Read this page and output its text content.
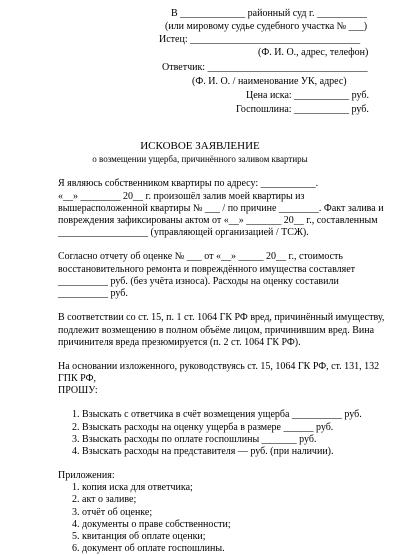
В _____________ районный суд г. __________
(или мировому судье судебного участка № ___)
Истец: __________________________________
(Ф. И. О., адрес, телефон)
Ответчик: ________________________________
(Ф. И. О. / наименование УК, адрес)
Цена иска: ___________ руб.
Госпошлина: ___________ руб.
ИСКОВОЕ ЗАЯВЛЕНИЕ
о возмещении ущерба, причинённого заливом квартиры
Я являюсь собственником квартиры по адресу: ___________.
«__» ________ 20__ г. произошёл залив моей квартиры из
вышерасположенной квартиры № ___ / по причине ________. Факт залива и
повреждения зафиксированы актом от «__» _______ 20__ г., составленным
__________________ (управляющей организацией / ТСЖ).
Согласно отчету об оценке № ___ от «__» _____ 20__ г., стоимость
восстановительного ремонта и повреждённого имущества составляет
__________ руб. (без учёта износа). Расходы на оценку составили
__________ руб.
В соответствии со ст. 15, п. 1 ст. 1064 ГК РФ вред, причинённый имуществу,
подлежит возмещению в полном объёме лицом, причинившим вред. Вина
причинителя вреда презюмируется (п. 2 ст. 1064 ГК РФ).
На основании изложенного, руководствуясь ст. 15, 1064 ГК РФ, ст. 131, 132
ГПК РФ,
ПРОШУ:
1. Взыскать с ответчика в счёт возмещения ущерба __________ руб.
2. Взыскать расходы на оценку ущерба в размере ______ руб.
3. Взыскать расходы по оплате госпошлины _______ руб.
4. Взыскать расходы на представителя — руб. (при наличии).
Приложения:
1. копия иска для ответчика;
2. акт о заливе;
3. отчёт об оценке;
4. документы о праве собственности;
5. квитанция об оплате оценки;
6. документ об оплате госпошлины.
